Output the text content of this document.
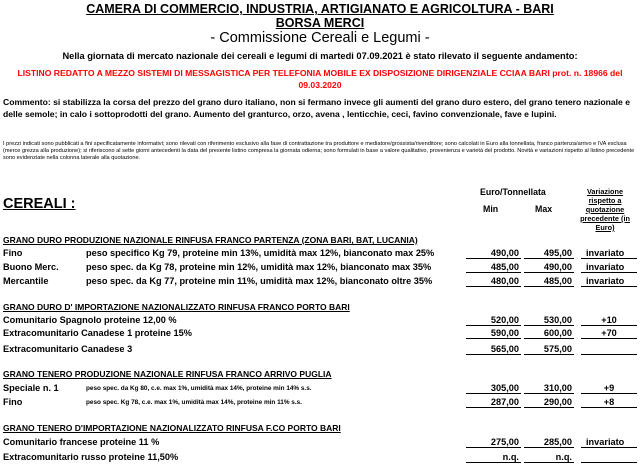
CAMERA DI COMMERCIO, INDUSTRIA, ARTIGIANATO E AGRICOLTURA - BARI
BORSA MERCI
- Commissione Cereali e Legumi -
Nella giornata di mercato nazionale dei cereali e legumi di martedi 07.09.2021 è stato rilevato il seguente andamento:
LISTINO REDATTO A MEZZO SISTEMI DI MESSAGISTICA PER TELEFONIA MOBILE EX DISPOSIZIONE DIRIGENZIALE CCIAA BARI prot. n. 18966 del 09.03.2020
Commento: si stabilizza la corsa del prezzo del grano duro italiano, non si fermano invece gli aumenti del grano duro estero, del grano tenero nazionale e delle semole; in calo i sottoprodotti del grano. Aumento del granturco, orzo, avena , lenticchie, ceci, favino convenzionale, fave e lupini.
I prezzi indicati sono pubblicati a fini specificatamente informativi; sono rilevati con riferimento esclusivo alla fase di contrattazione tra produttore e mediatore/grossista/rivenditore; sono calcolati in Euro alla tonnellata, franco partenza/arrivo e IVA esclusa (merce grezza alla produzione); si riferiscono al sette giorni antecedenti la data del presente listino compresa la giornata odierna; sono formulati in base a valore qualitativo, provenienza e varietà del prodotto. Novità e variazioni rispetto al listino precedente sono evidenziate nella colonna laterale alla quotazione.
Euro/Tonnellata
Min	Max
Variazione rispetto a quotazione precedente (in Euro)
CEREALI :
GRANO DURO PRODUZIONE NAZIONALE RINFUSA FRANCO PARTENZA (ZONA BARI, BAT, LUCANIA)
Fino	peso specifico Kg 79, proteine min 13%, umidità max 12%, bianconato max 25%	490,00	495,00	invariato
Buono Merc.	peso spec. da Kg 78, proteine min 12%, umidità max 12%, bianconato max 35%	485,00	490,00	invariato
Mercantile	peso spec. da Kg 77, proteine min 11%, umidità max 12%, bianconato oltre 35%	480,00	485,00	invariato
GRANO DURO D' IMPORTAZIONE NAZIONALIZZATO RINFUSA FRANCO PORTO BARI
Comunitario Spagnolo proteine 12,00 %	520,00	530,00	+10
Extracomunitario Canadese 1 proteine 15%	590,00	600,00	+70
Extracomunitario Canadese 3	565,00	575,00
GRANO TENERO PRODUZIONE NAZIONALE RINFUSA FRANCO ARRIVO PUGLIA
Speciale n. 1	peso spec. da Kg 80, c.e. max 1%, umidità max 14%, proteine min 14% s.s.	305,00	310,00	+9
Fino	peso spec. Kg 78, c.e. max 1%, umidità max 14%, proteine min 11% s.s.	287,00	290,00	+8
GRANO TENERO D'IMPORTAZIONE NAZIONALIZZATO RINFUSA F.CO PORTO BARI
Comunitario francese proteine 11 %	275,00	285,00	invariato
Extracomunitario russo proteine 11,50%	n.q.	n.q.
